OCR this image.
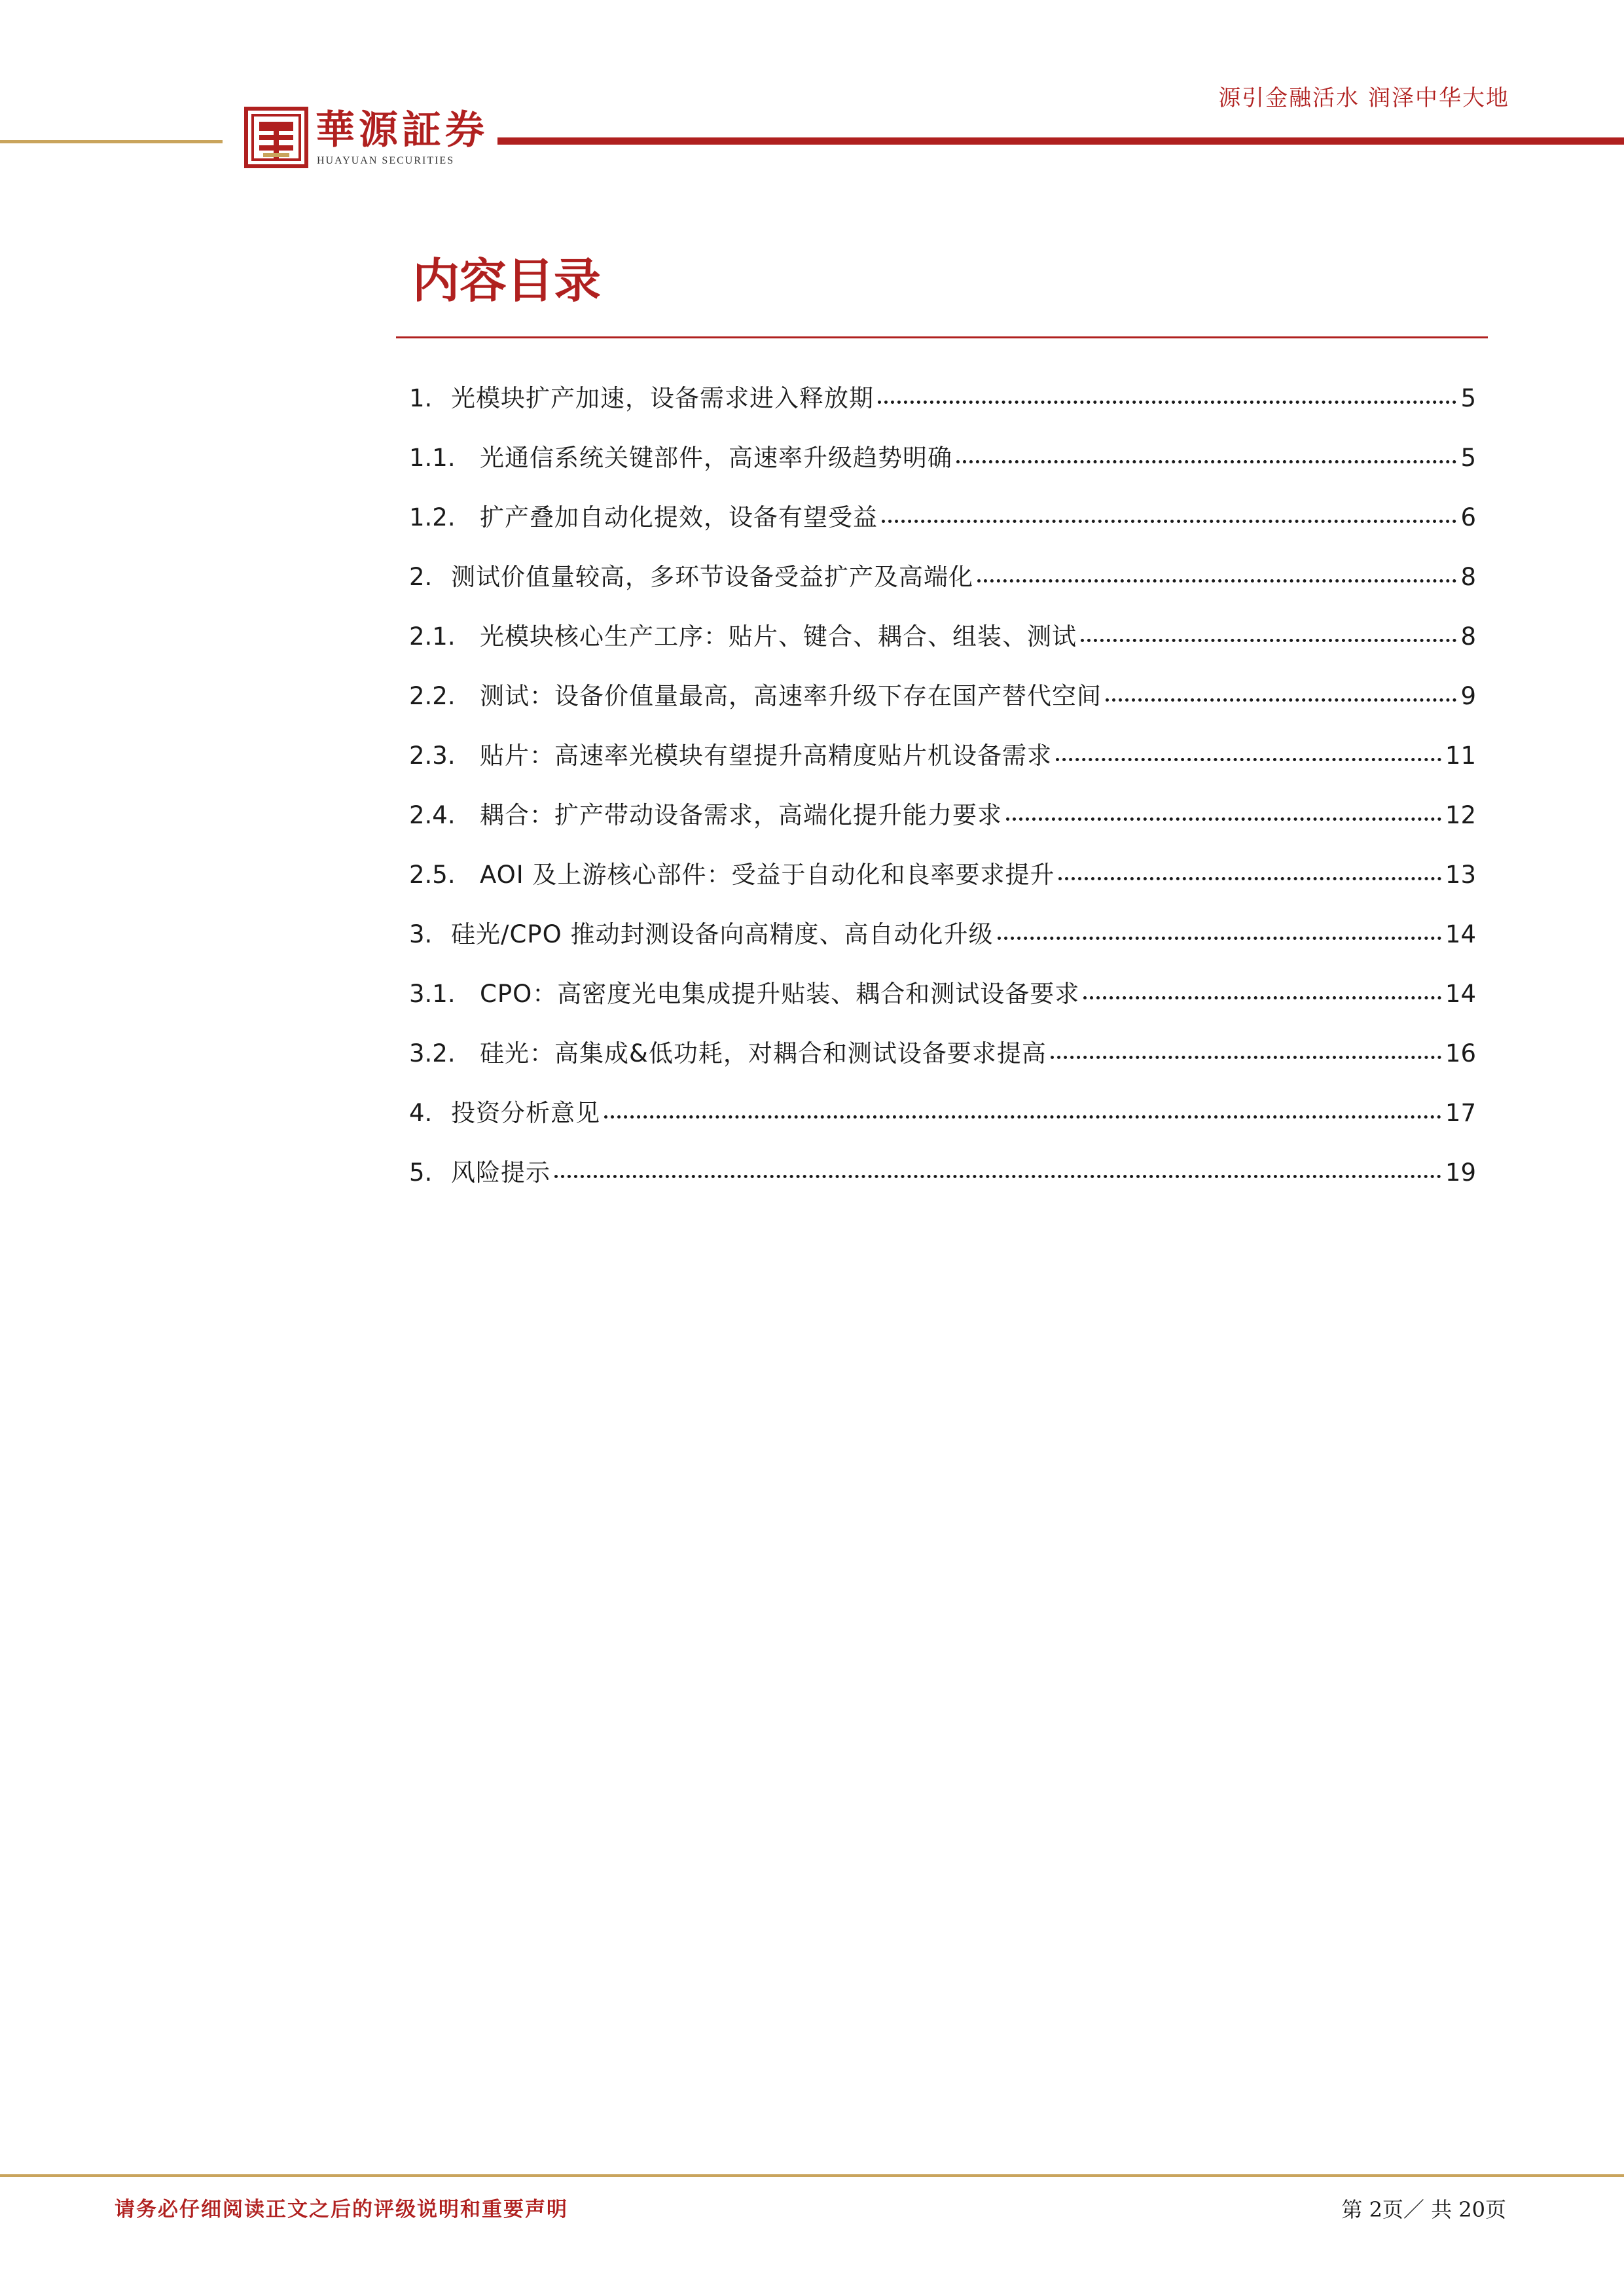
華源証券
HUAYUAN SECURITIES
源引金融活水 润泽中华大地
内容目录
1. 光模块扩产加速，设备需求进入释放期	5
1.1.	光通信系统关键部件，高速率升级趋势明确	5
1.2.	扩产叠加自动化提效，设备有望受益	6
2. 测试价值量较高，多环节设备受益扩产及高端化	8
2.1.	光模块核心生产工序：贴片、键合、耦合、组装、测试	8
2.2.	测试：设备价值量最高，高速率升级下存在国产替代空间	9
2.3.	贴片：高速率光模块有望提升高精度贴片机设备需求	11
2.4.	耦合：扩产带动设备需求，高端化提升能力要求	12
2.5.	AOI 及上游核心部件：受益于自动化和良率要求提升	13
3. 硅光/CPO 推动封测设备向高精度、高自动化升级	14
3.1.	CPO：高密度光电集成提升贴装、耦合和测试设备要求	14
3.2.	硅光：高集成&低功耗，对耦合和测试设备要求提高	16
4. 投资分析意见	17
5. 风险提示	19
请务必仔细阅读正文之后的评级说明和重要声明	第 2页／ 共 20页
